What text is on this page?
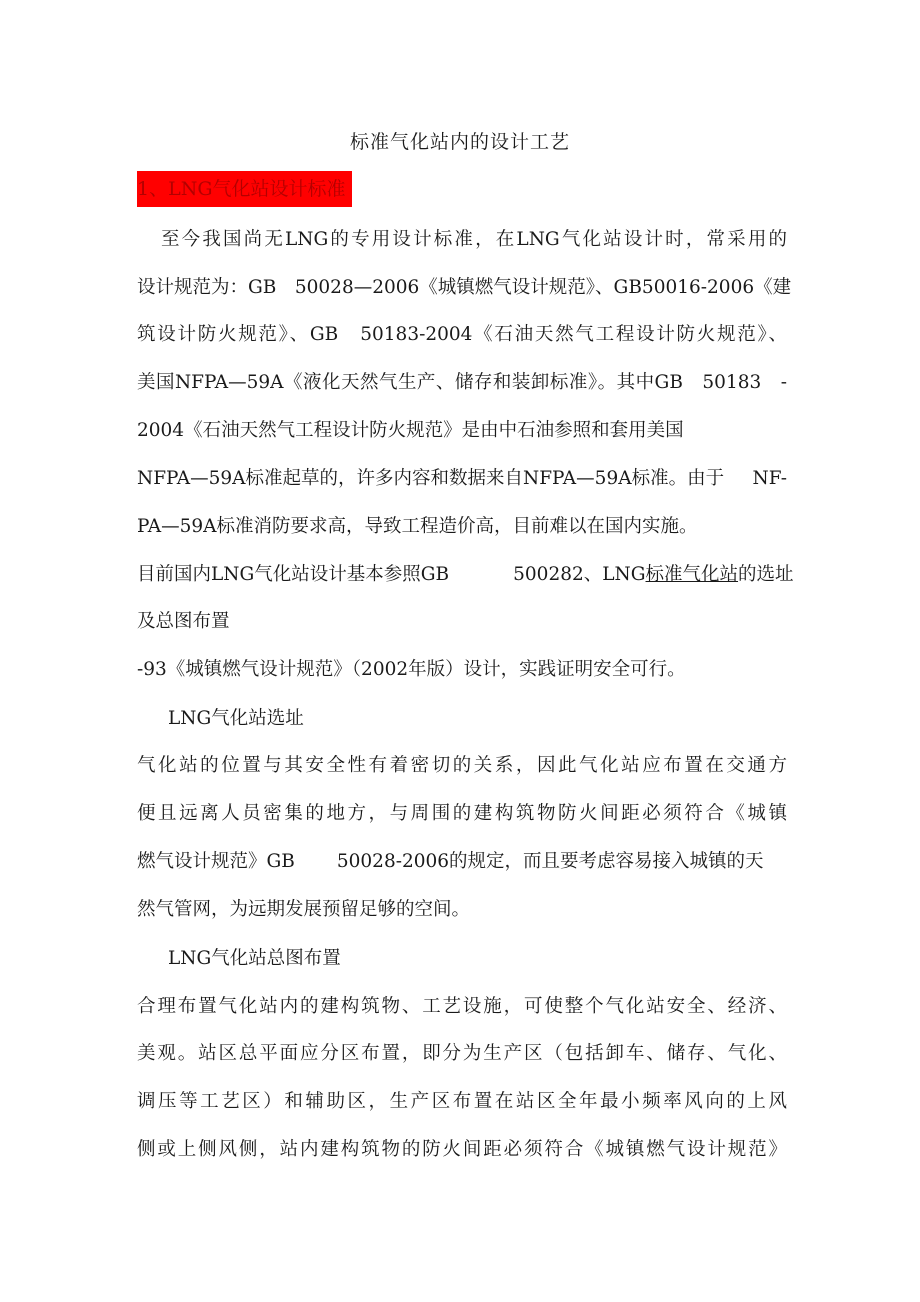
标准气化站内的设计工艺
1、LNG气化站设计标准
至今我国尚无LNG的专用设计标准，在LNG气化站设计时，常采用的
设计规范为：GB　50028—2006《城镇燃气设计规范》、GB50016-2006《建
筑设计防火规范》、GB　50183-2004《石油天然气工程设计防火规范》、
美国NFPA—59A《液化天然气生产、储存和装卸标准》。其中GB　50183　-
2004《石油天然气工程设计防火规范》是由中石油参照和套用美国
NFPA—59A标准起草的，许多内容和数据来自NFPA—59A标准。由于 NF-
PA—59A标准消防要求高，导致工程造价高，目前难以在国内实施。
目前国内LNG气化站设计基本参照GB	500282、LNG标准气化站的选址
及总图布置
-93《城镇燃气设计规范》（2002年版）设计，实践证明安全可行。
LNG气化站选址
气化站的位置与其安全性有着密切的关系，因此气化站应布置在交通方
便且远离人员密集的地方，与周围的建构筑物防火间距必须符合《城镇
燃气设计规范》GB 50028-2006的规定，而且要考虑容易接入城镇的天
然气管网，为远期发展预留足够的空间。
LNG气化站总图布置
合理布置气化站内的建构筑物、工艺设施，可使整个气化站安全、经济、
美观。站区总平面应分区布置，即分为生产区（包括卸车、储存、气化、
调压等工艺区）和辅助区，生产区布置在站区全年最小频率风向的上风
侧或上侧风侧，站内建构筑物的防火间距必须符合《城镇燃气设计规范》
